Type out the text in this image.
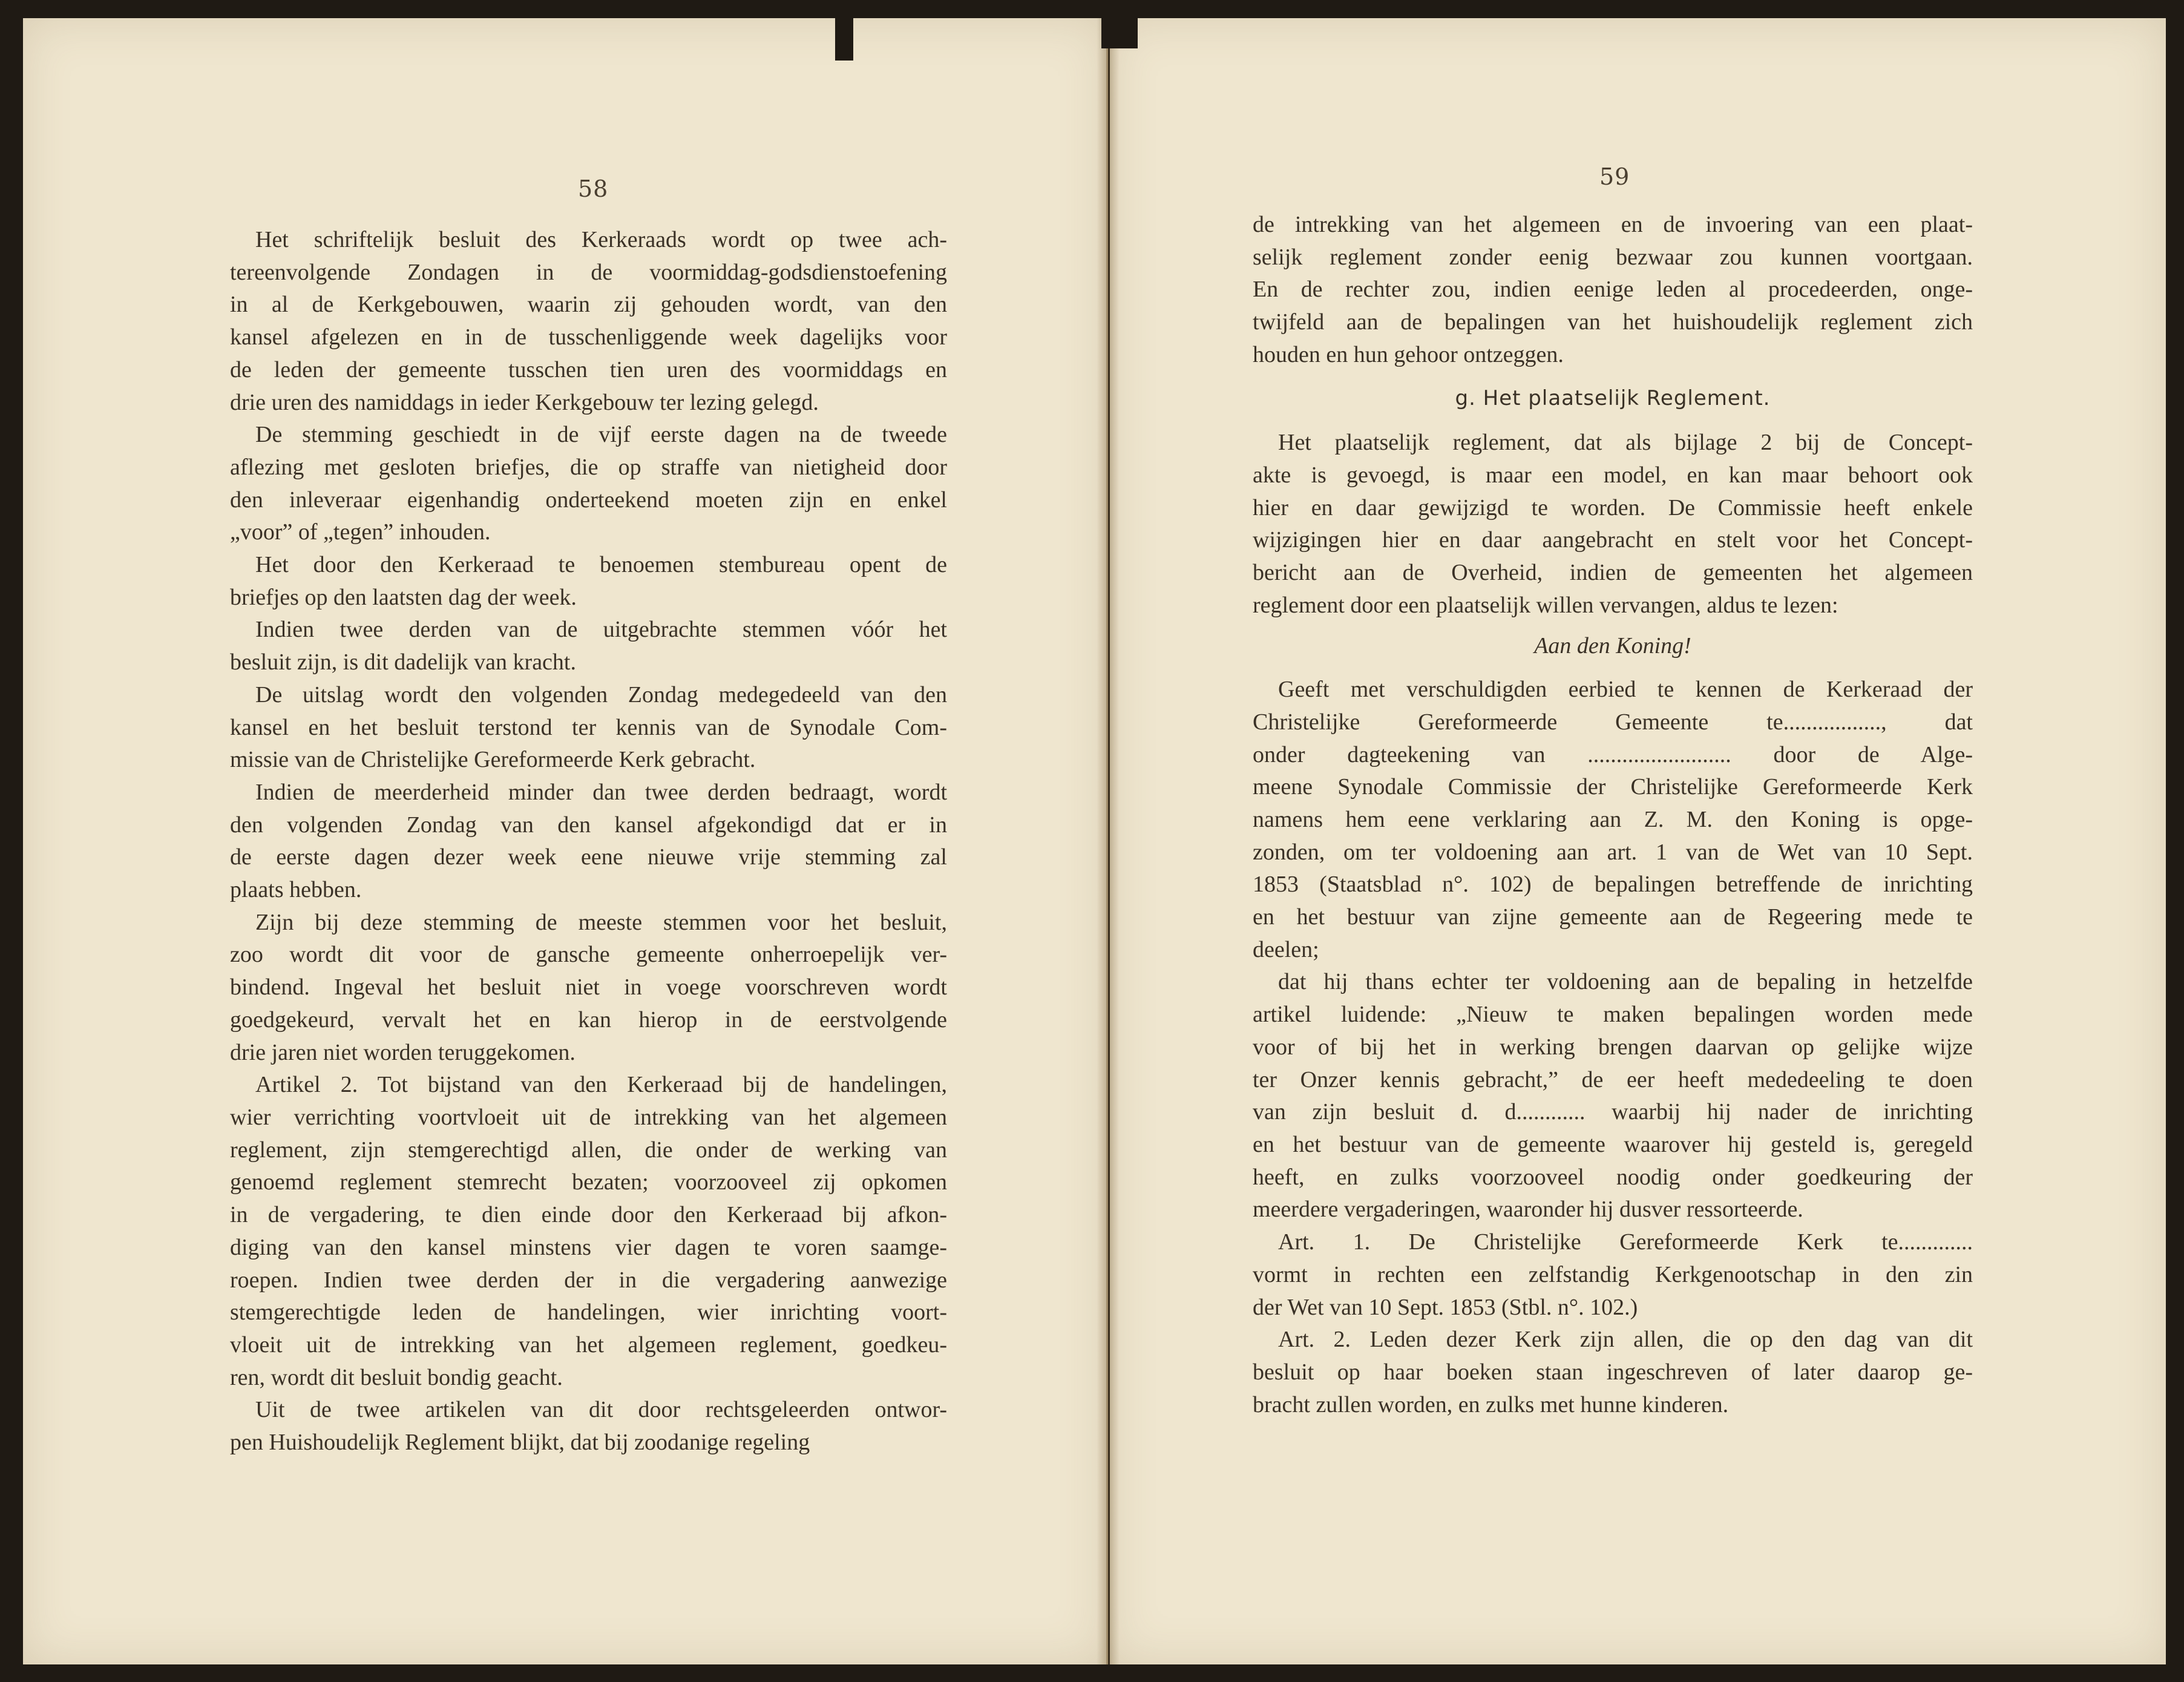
58	59
Het schriftelijk besluit des Kerkeraads wordt op twee ach-
tereenvolgende Zondagen in de voormiddag-godsdienstoefening
in al de Kerkgebouwen, waarin zij gehouden wordt, van den
kansel afgelezen en in de tusschenliggende week dagelijks voor
de leden der gemeente tusschen tien uren des voormiddags en
drie uren des namiddags in ieder Kerkgebouw ter lezing gelegd.
De stemming geschiedt in de vijf eerste dagen na de tweede
aflezing met gesloten briefjes, die op straffe van nietigheid door
den inleveraar eigenhandig onderteekend moeten zijn en enkel
„voor” of „tegen” inhouden.
Het door den Kerkeraad te benoemen stembureau opent de
briefjes op den laatsten dag der week.
Indien twee derden van de uitgebrachte stemmen vóór het
besluit zijn, is dit dadelijk van kracht.
De uitslag wordt den volgenden Zondag medegedeeld van den
kansel en het besluit terstond ter kennis van de Synodale Com-
missie van de Christelijke Gereformeerde Kerk gebracht.
Indien de meerderheid minder dan twee derden bedraagt, wordt
den volgenden Zondag van den kansel afgekondigd dat er in
de eerste dagen dezer week eene nieuwe vrije stemming zal
plaats hebben.
Zijn bij deze stemming de meeste stemmen voor het besluit,
zoo wordt dit voor de gansche gemeente onherroepelijk ver-
bindend. Ingeval het besluit niet in voege voorschreven wordt
goedgekeurd, vervalt het en kan hierop in de eerstvolgende
drie jaren niet worden teruggekomen.
Artikel 2. Tot bijstand van den Kerkeraad bij de handelingen,
wier verrichting voortvloeit uit de intrekking van het algemeen
reglement, zijn stemgerechtigd allen, die onder de werking van
genoemd reglement stemrecht bezaten; voorzooveel zij opkomen
in de vergadering, te dien einde door den Kerkeraad bij afkon-
diging van den kansel minstens vier dagen te voren saamge-
roepen. Indien twee derden der in die vergadering aanwezige
stemgerechtigde leden de handelingen, wier inrichting voort-
vloeit uit de intrekking van het algemeen reglement, goedkeu-
ren, wordt dit besluit bondig geacht.
Uit de twee artikelen van dit door rechtsgeleerden ontwor-
pen Huishoudelijk Reglement blijkt, dat bij zoodanige regeling
de intrekking van het algemeen en de invoering van een plaat-
selijk reglement zonder eenig bezwaar zou kunnen voortgaan.
En de rechter zou, indien eenige leden al procedeerden, onge-
twijfeld aan de bepalingen van het huishoudelijk reglement zich
houden en hun gehoor ontzeggen.
g. Het plaatselijk Reglement.
Het plaatselijk reglement, dat als bijlage 2 bij de Concept-
akte is gevoegd, is maar een model, en kan maar behoort ook
hier en daar gewijzigd te worden. De Commissie heeft enkele
wijzigingen hier en daar aangebracht en stelt voor het Concept-
bericht aan de Overheid, indien de gemeenten het algemeen
reglement door een plaatselijk willen vervangen, aldus te lezen:
Aan den Koning!
Geeft met verschuldigden eerbied te kennen de Kerkeraad der
Christelijke Gereformeerde Gemeente te................., dat
onder dagteekening van ......................... door de Alge-
meene Synodale Commissie der Christelijke Gereformeerde Kerk
namens hem eene verklaring aan Z. M. den Koning is opge-
zonden, om ter voldoening aan art. 1 van de Wet van 10 Sept.
1853 (Staatsblad n°. 102) de bepalingen betreffende de inrichting
en het bestuur van zijne gemeente aan de Regeering mede te
deelen;
dat hij thans echter ter voldoening aan de bepaling in hetzelfde
artikel luidende: „Nieuw te maken bepalingen worden mede
voor of bij het in werking brengen daarvan op gelijke wijze
ter Onzer kennis gebracht,” de eer heeft mededeeling te doen
van zijn besluit d. d............ waarbij hij nader de inrichting
en het bestuur van de gemeente waarover hij gesteld is, geregeld
heeft, en zulks voorzooveel noodig onder goedkeuring der
meerdere vergaderingen, waaronder hij dusver ressorteerde.
Art. 1. De Christelijke Gereformeerde Kerk te.............
vormt in rechten een zelfstandig Kerkgenootschap in den zin
der Wet van 10 Sept. 1853 (Stbl. n°. 102.)
Art. 2. Leden dezer Kerk zijn allen, die op den dag van dit
besluit op haar boeken staan ingeschreven of later daarop ge-
bracht zullen worden, en zulks met hunne kinderen.
